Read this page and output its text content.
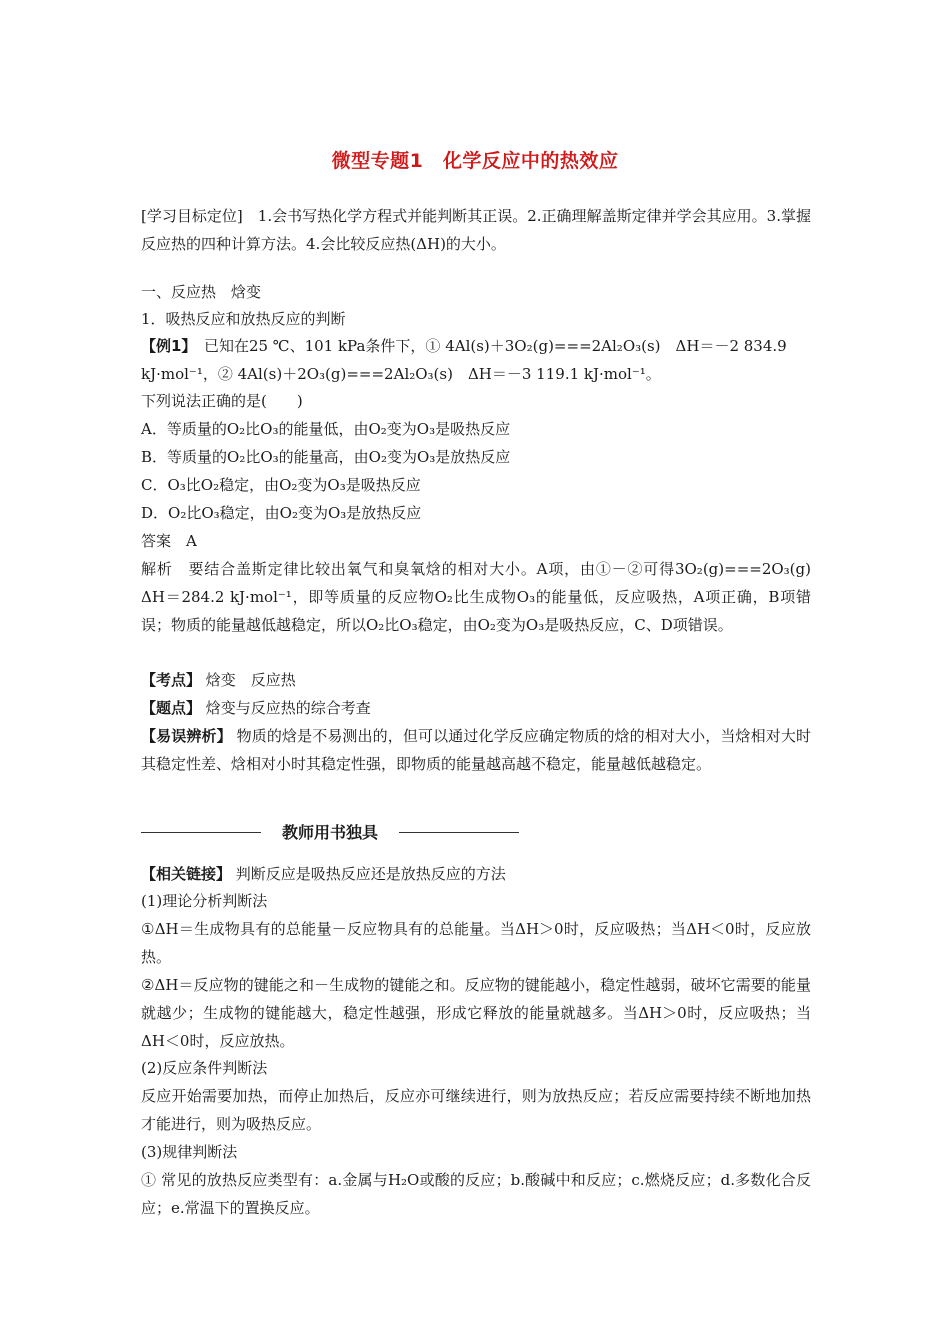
微型专题1　化学反应中的热效应
[学习目标定位]　1.会书写热化学方程式并能判断其正误。2.正确理解盖斯定律并学会其应用。3.掌握反应热的四种计算方法。4.会比较反应热(ΔH)的大小。
一、反应热　焓变
1．吸热反应和放热反应的判断
【例1】　已知在25 ℃、101 kPa条件下，① 4Al(s)＋3O₂(g)===2Al₂O₃(s)　ΔH＝－2 834.9
kJ·mol⁻¹，② 4Al(s)＋2O₃(g)===2Al₂O₃(s)　ΔH＝－3 119.1 kJ·mol⁻¹。
下列说法正确的是(　　)
A．等质量的O₂比O₃的能量低，由O₂变为O₃是吸热反应
B．等质量的O₂比O₃的能量高，由O₂变为O₃是放热反应
C．O₃比O₂稳定，由O₂变为O₃是吸热反应
D．O₂比O₃稳定，由O₂变为O₃是放热反应
答案　A
解析　要结合盖斯定律比较出氧气和臭氧焓的相对大小。A项，由①－②可得3O₂(g)===2O₃(g)　ΔH＝284.2 kJ·mol⁻¹，即等质量的反应物O₂比生成物O₃的能量低，反应吸热，A项正确，B项错误；物质的能量越低越稳定，所以O₂比O₃稳定，由O₂变为O₃是吸热反应，C、D项错误。
【考点】 焓变　反应热
【题点】 焓变与反应热的综合考查
【易误辨析】 物质的焓是不易测出的，但可以通过化学反应确定物质的焓的相对大小，当焓相对大时其稳定性差、焓相对小时其稳定性强，即物质的能量越高越不稳定，能量越低越稳定。
教师用书独具
【相关链接】 判断反应是吸热反应还是放热反应的方法
(1)理论分析判断法
①ΔH＝生成物具有的总能量－反应物具有的总能量。当ΔH＞0时，反应吸热；当ΔH＜0时，反应放热。
②ΔH＝反应物的键能之和－生成物的键能之和。反应物的键能越小，稳定性越弱，破坏它需要的能量就越少；生成物的键能越大，稳定性越强，形成它释放的能量就越多。当ΔH＞0时，反应吸热；当ΔH＜0时，反应放热。
(2)反应条件判断法
反应开始需要加热，而停止加热后，反应亦可继续进行，则为放热反应；若反应需要持续不断地加热才能进行，则为吸热反应。
(3)规律判断法
① 常见的放热反应类型有：a.金属与H₂O或酸的反应；b.酸碱中和反应；c.燃烧反应；d.多数化合反应；e.常温下的置换反应。
